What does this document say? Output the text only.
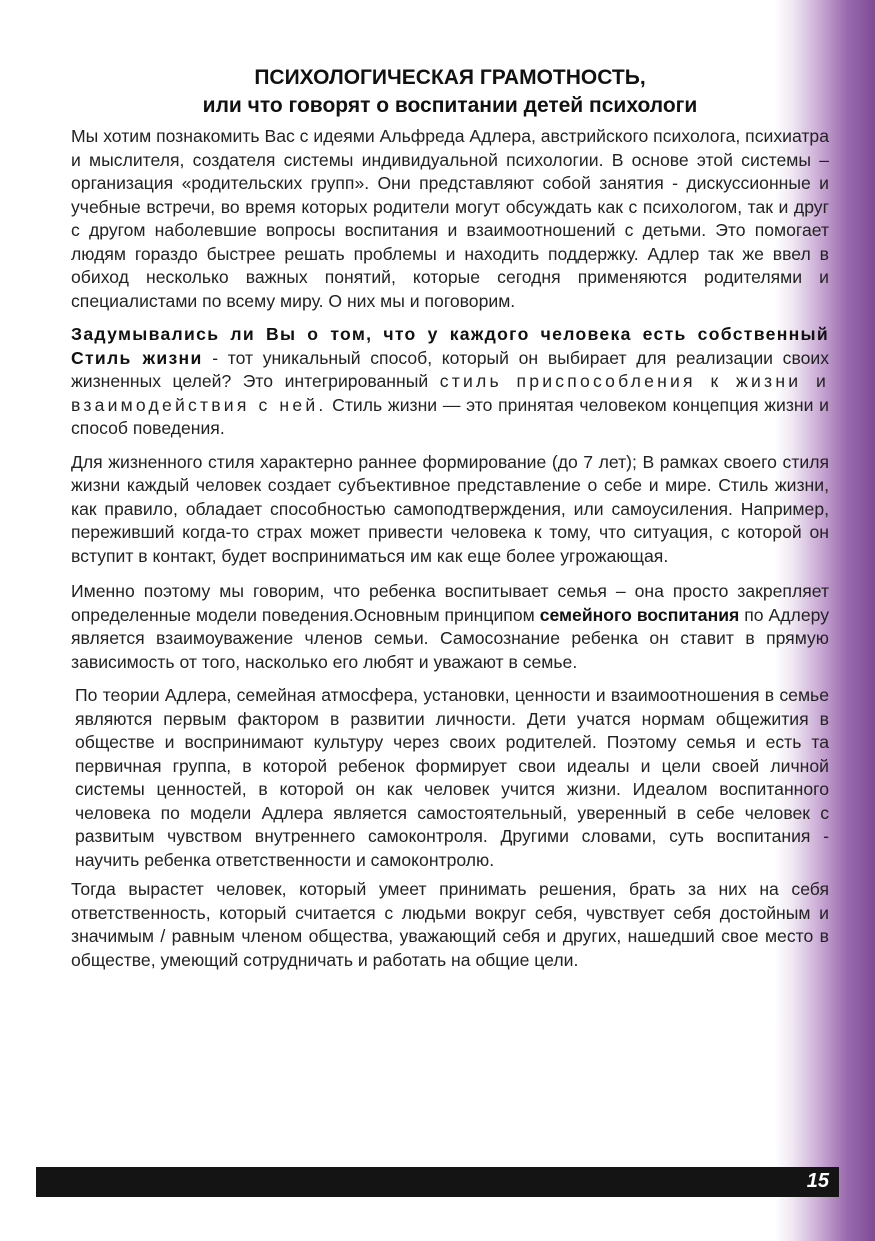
ПСИХОЛОГИЧЕСКАЯ ГРАМОТНОСТЬ,
или что говорят о воспитании детей психологи

Мы хотим познакомить Вас с идеями Альфреда Адлера, австрийского психолога, психиатра и мыслителя, создателя системы индивидуальной психологии. В основе этой системы – организация «родительских групп». Они представляют собой занятия - дискуссионные и учебные встречи, во время которых родители могут обсуждать как с психологом, так и друг с другом наболевшие вопросы воспитания и взаимоотношений с детьми. Это помогает людям гораздо быстрее решать проблемы и находить поддержку. Адлер так же ввел в обиход несколько важных понятий, которые сегодня применяются родителями и специалистами по всему миру. О них мы и поговорим.

Задумывались ли Вы о том, что у каждого человека есть собственный Стиль жизни - тот уникальный способ, который он выбирает для реализации своих жизненных целей? Это интегрированный стиль приспособления к жизни и взаимодействия с ней. Стиль жизни — это принятая человеком концепция жизни и способ поведения.

Для жизненного стиля характерно раннее формирование (до 7 лет); В рамках своего стиля жизни каждый человек создает субъективное представление о себе и мире. Стиль жизни, как правило, обладает способностью самоподтверждения, или самоусиления. Например, переживший когда-то страх может привести человека к тому, что ситуация, с которой он вступит в контакт, будет восприниматься им как еще более угрожающая.

Именно поэтому мы говорим, что ребенка воспитывает семья – она просто закрепляет определенные модели поведения.Основным принципом семейного воспитания по Адлеру является взаимоуважение членов семьи. Самосознание ребенка он ставит в прямую зависимость от того, насколько его любят и уважают в семье.

По теории Адлера, семейная атмосфера, установки, ценности и взаимоотношения в семье являются первым фактором в развитии личности. Дети учатся нормам общежития в обществе и воспринимают культуру через своих родителей. Поэтому семья и есть та первичная группа, в которой ребенок формирует свои идеалы и цели своей личной системы ценностей, в которой он как человек учится жизни. Идеалом воспитанного человека по модели Адлера является самостоятельный, уверенный в себе человек с развитым чувством внутреннего самоконтроля. Другими словами, суть воспитания - научить ребенка ответственности и самоконтролю.

Тогда вырастет человек, который умеет принимать решения, брать за них на себя ответственность, который считается с людьми вокруг себя, чувствует себя достойным и значимым / равным членом общества, уважающий себя и других, нашедший свое место в обществе, умеющий сотрудничать и работать на общие цели.

15
